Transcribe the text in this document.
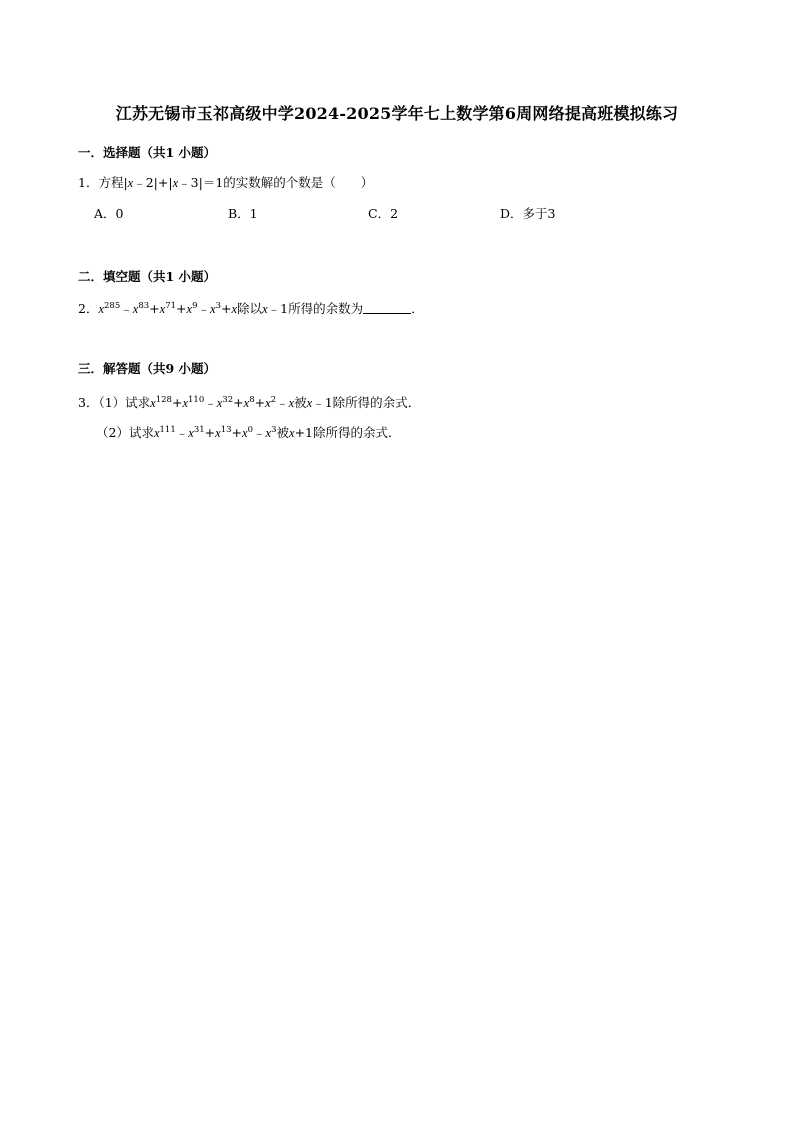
江苏无锡市玉祁高级中学2024-2025学年七上数学第6周网络提高班模拟练习
一．选择题（共1 小题）
1．方程|x﹣2|+|x﹣3|＝1的实数解的个数是（　　）
A．0	B．1	C．2	D．多于3
二．填空题（共1 小题）
2．$x^{285}﹣x^{83}+x^{71}+x^9﹣x^3+x$除以x﹣1所得的余数为	．
三．解答题（共9 小题）
3．（1）试求$x^{128}+x^{110}﹣x^{32}+x^8+x^2﹣x$被x﹣1除所得的余式．
（2）试求$x^{111}﹣x^{31}+x^{13}+x^0﹣x^3$被x+1除所得的余式．
